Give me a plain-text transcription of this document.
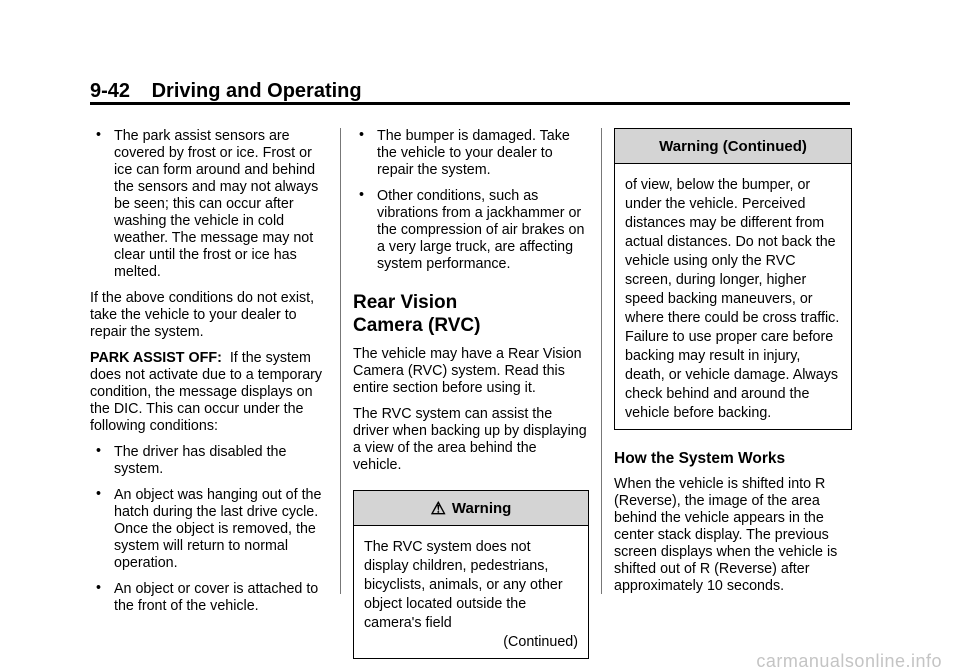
9-42 Driving and Operating

• The park assist sensors are covered by frost or ice. Frost or ice can form around and behind the sensors and may not always be seen; this can occur after washing the vehicle in cold weather. The message may not clear until the frost or ice has melted.

If the above conditions do not exist, take the vehicle to your dealer to repair the system.

PARK ASSIST OFF: If the system does not activate due to a temporary condition, the message displays on the DIC. This can occur under the following conditions:

• The driver has disabled the system.

• An object was hanging out of the hatch during the last drive cycle. Once the object is removed, the system will return to normal operation.

• An object or cover is attached to the front of the vehicle.

• The bumper is damaged. Take the vehicle to your dealer to repair the system.

• Other conditions, such as vibrations from a jackhammer or the compression of air brakes on a very large truck, are affecting system performance.

Rear Vision
Camera (RVC)

The vehicle may have a Rear Vision Camera (RVC) system. Read this entire section before using it.

The RVC system can assist the driver when backing up by displaying a view of the area behind the vehicle.

⚠ Warning
The RVC system does not display children, pedestrians, bicyclists, animals, or any other object located outside the camera's field
(Continued)
Warning (Continued)
of view, below the bumper, or under the vehicle. Perceived distances may be different from actual distances. Do not back the vehicle using only the RVC screen, during longer, higher speed backing maneuvers, or where there could be cross traffic. Failure to use proper care before backing may result in injury, death, or vehicle damage. Always check behind and around the vehicle before backing.
How the System Works

When the vehicle is shifted into R (Reverse), the image of the area behind the vehicle appears in the center stack display. The previous screen displays when the vehicle is shifted out of R (Reverse) after approximately 10 seconds.

carmanualsonline.info
